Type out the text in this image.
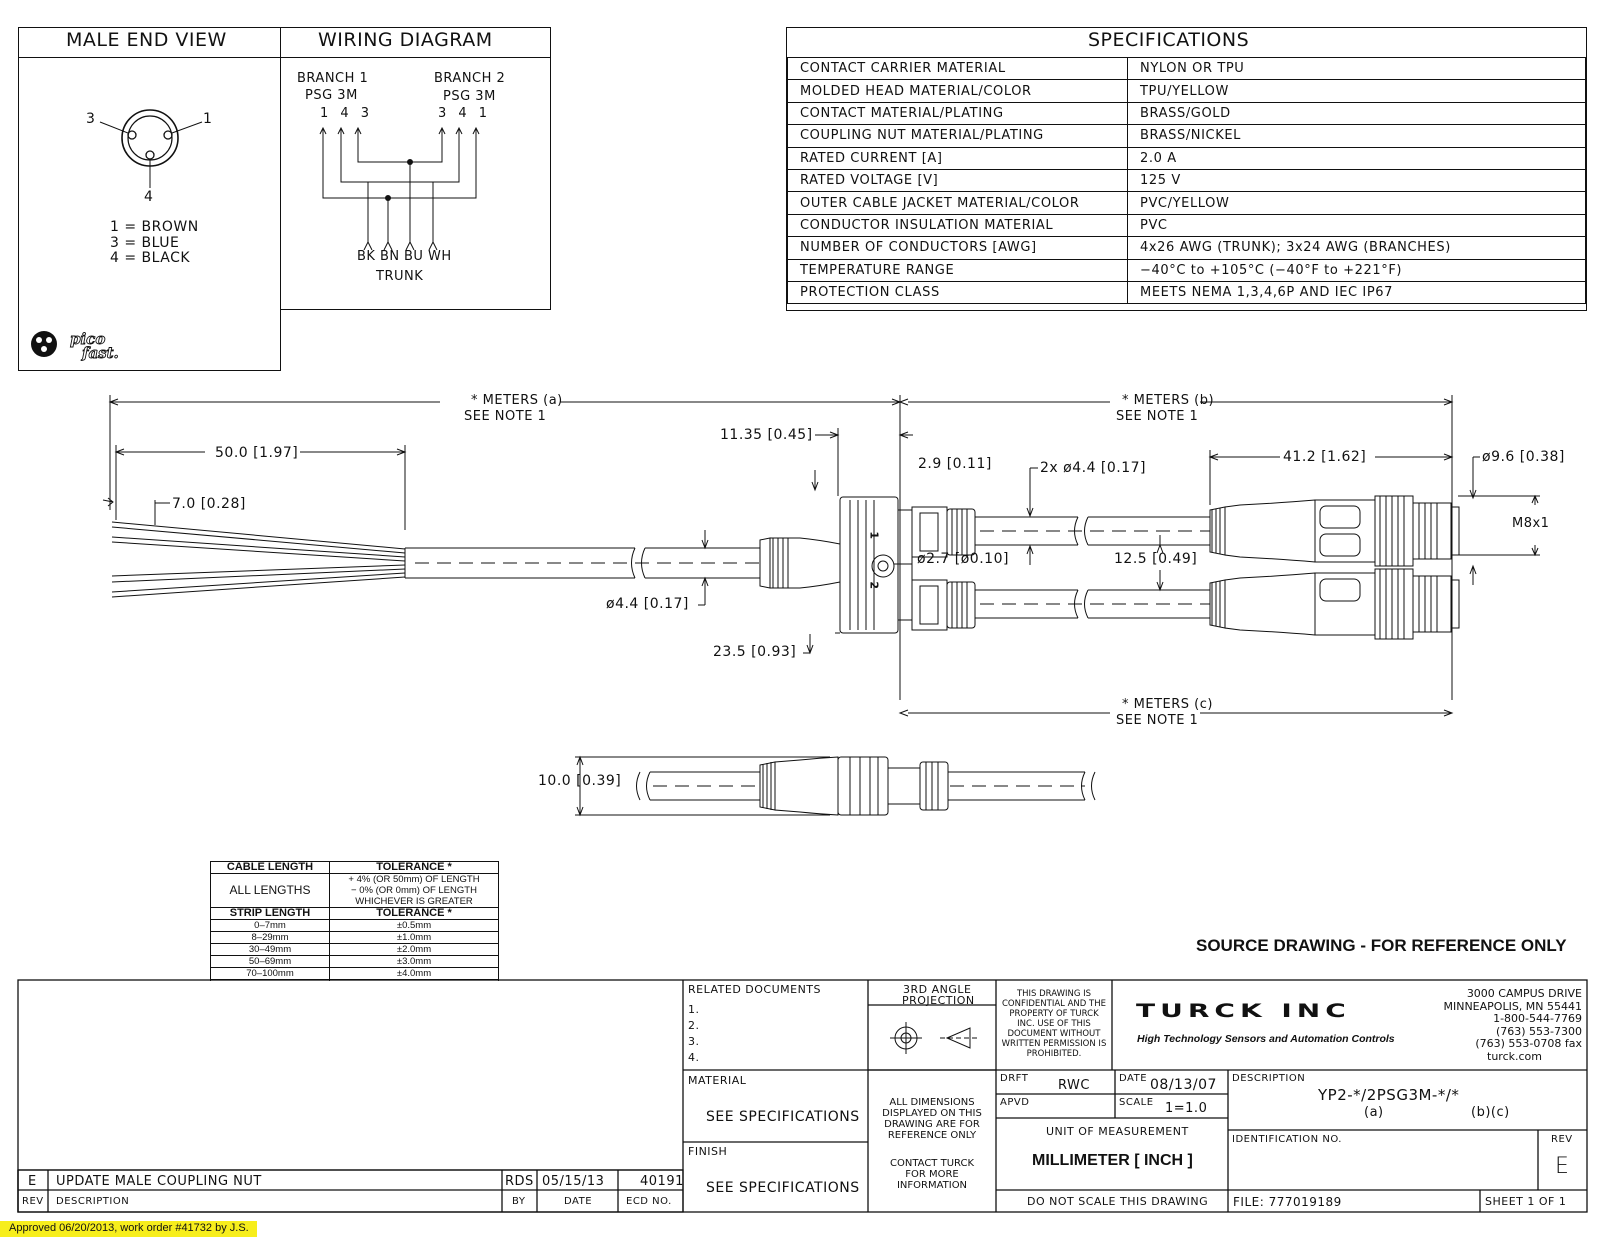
MALE END VIEW	WIRING DIAGRAM	SPECIFICATIONS
CONTACT CARRIER MATERIAL	NYLON OR TPU
MOLDED HEAD MATERIAL/COLOR	TPU/YELLOW
CONTACT MATERIAL/PLATING	BRASS/GOLD
COUPLING NUT MATERIAL/PLATING	BRASS/NICKEL
RATED CURRENT [A]	2.0 A
RATED VOLTAGE [V]	125 V
OUTER CABLE JACKET MATERIAL/COLOR	PVC/YELLOW
CONDUCTOR INSULATION MATERIAL	PVC
NUMBER OF CONDUCTORS [AWG]	4x26 AWG (TRUNK); 3x24 AWG (BRANCHES)
TEMPERATURE RANGE	−40°C to +105°C (−40°F to +221°F)
PROTECTION CLASS	MEETS NEMA 1,3,4,6P AND IEC IP67
3	1
4
1 = BROWN
3 = BLUE
4 = BLACK
pico
fast.
BRANCH 1
PSG 3M
1 4 3
BRANCH 2
PSG 3M
3 4 1
BK BN BU WH
TRUNK
* METERS (a)
SEE NOTE 1
* METERS (b)
SEE NOTE 1
50.0 [1.97]
7.0 [0.28]
11.35 [0.45]
2.9 [0.11]	2x ø4.4 [0.17]
41.2 [1.62]	ø9.6 [0.38]
M8x1
ø2.7 [ø0.10]	12.5 [0.49]
ø4.4 [0.17]
23.5 [0.93]
* METERS (c)
SEE NOTE 1
10.0 [0.39]
1
2
CABLE LENGTH	TOLERANCE *
ALL LENGTHS	+ 4% (OR 50mm) OF LENGTH
− 0% (OR 0mm) OF LENGTH
WHICHEVER IS GREATER

STRIP LENGTH	TOLERANCE *
0–7mm	±0.5mm
8–29mm	±1.0mm
30–49mm	±2.0mm
50–69mm	±3.0mm
70–100mm	±4.0mm

SOURCE DRAWING - FOR REFERENCE ONLY
RELATED DOCUMENTS
1.
2.
3.
4.
3RD ANGLE
PROJECTION	THIS DRAWING IS
CONFIDENTIAL AND THE
PROPERTY OF TURCK
INC. USE OF THIS
DOCUMENT WITHOUT
WRITTEN PERMISSION IS
PROHIBITED.
TURCK INC
High Technology Sensors and Automation Controls
3000 CAMPUS DRIVE
MINNEAPOLIS, MN 55441
1-800-544-7769
(763) 553-7300
(763) 553-0708 fax
turck.com
MATERIAL
SEE SPECIFICATIONS
FINISH
SEE SPECIFICATIONS
ALL DIMENSIONS
DISPLAYED ON THIS
DRAWING ARE FOR
REFERENCE ONLY
CONTACT TURCK
FOR MORE
INFORMATION
DRFT RWC	DATE 08/13/07
APVD	SCALE 1=1.0
UNIT OF MEASUREMENT
MILLIMETER [ INCH ]
DO NOT SCALE THIS DRAWING
DESCRIPTION
YP2-*/2PSG3M-*/*
(a)	(b)(c)
IDENTIFICATION NO.	REV
E
FILE: 777019189	SHEET 1 OF 1
E UPDATE MALE COUPLING NUT	RDS 05/15/13	40191
REV DESCRIPTION	BY	DATE	ECD NO.
Approved 06/20/2013, work order #41732 by J.S.
